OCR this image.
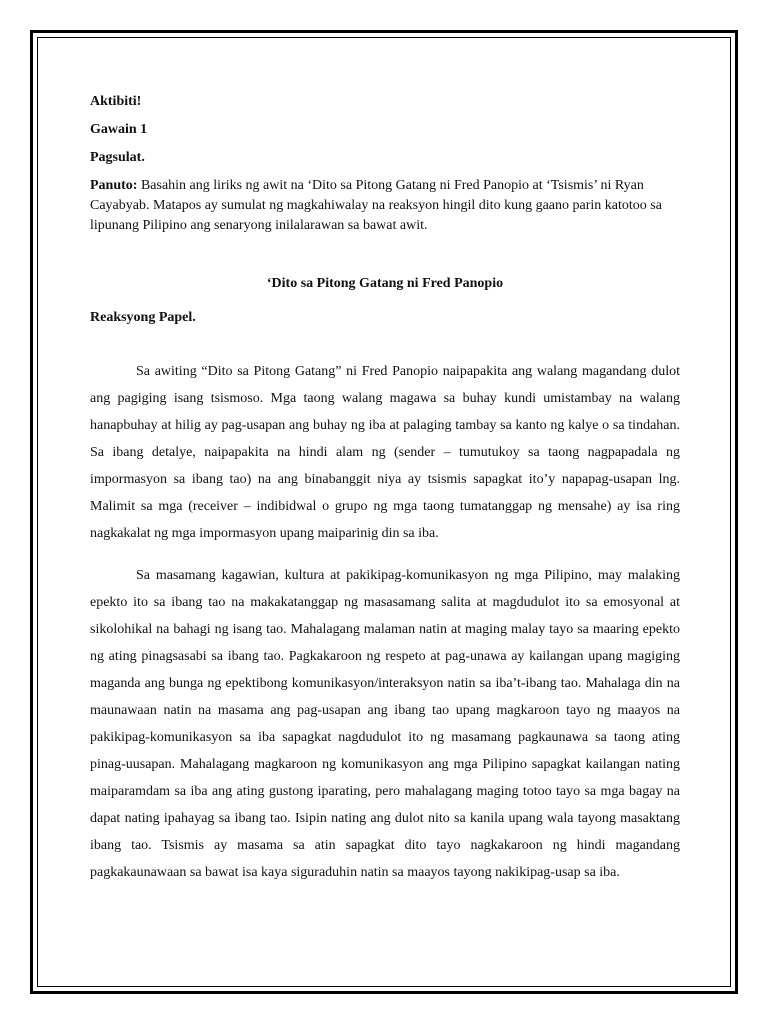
Aktibiti!

Gawain 1

Pagsulat.

Panuto: Basahin ang liriks ng awit na ‘Dito sa Pitong Gatang ni Fred Panopio at ‘Tsismis’ ni Ryan Cayabyab. Matapos ay sumulat ng magkahiwalay na reaksyon hingil dito kung gaano parin katotoo sa lipunang Pilipino ang senaryong inilalarawan sa bawat awit.

‘Dito sa Pitong Gatang ni Fred Panopio

Reaksyong Papel.

Sa awiting “Dito sa Pitong Gatang” ni Fred Panopio naipapakita ang walang magandang dulot ang pagiging isang tsismoso. Mga taong walang magawa sa buhay kundi umistambay na walang hanapbuhay at hilig ay pag-usapan ang buhay ng iba at palaging tambay sa kanto ng kalye o sa tindahan. Sa ibang detalye, naipapakita na hindi alam ng (sender – tumutukoy sa taong nagpapadala ng impormasyon sa ibang tao) na ang binabanggit niya ay tsismis sapagkat ito’y napapag-usapan lng. Malimit sa mga (receiver – indibidwal o grupo ng mga taong tumatanggap ng mensahe) ay isa ring nagkakalat ng mga impormasyon upang maiparinig din sa iba.

Sa masamang kagawian, kultura at pakikipag-komunikasyon ng mga Pilipino, may malaking epekto ito sa ibang tao na makakatanggap ng masasamang salita at magdudulot ito sa emosyonal at sikolohikal na bahagi ng isang tao. Mahalagang malaman natin at maging malay tayo sa maaring epekto ng ating pinagsasabi sa ibang tao. Pagkakaroon ng respeto at pag-unawa ay kailangan upang magiging maganda ang bunga ng epektibong komunikasyon/interaksyon natin sa iba’t-ibang tao. Mahalaga din na maunawaan natin na masama ang pag-usapan ang ibang tao upang magkaroon tayo ng maayos na pakikipag-komunikasyon sa iba sapagkat nagdudulot ito ng masamang pagkaunawa sa taong ating pinag-uusapan. Mahalagang magkaroon ng komunikasyon ang mga Pilipino sapagkat kailangan nating maiparamdam sa iba ang ating gustong iparating, pero mahalagang maging totoo tayo sa mga bagay na dapat nating ipahayag sa ibang tao. Isipin nating ang dulot nito sa kanila upang wala tayong masaktang ibang tao. Tsismis ay masama sa atin sapagkat dito tayo nagkakaroon ng hindi magandang pagkakaunawaan sa bawat isa kaya siguraduhin natin sa maayos tayong nakikipag-usap sa iba.
